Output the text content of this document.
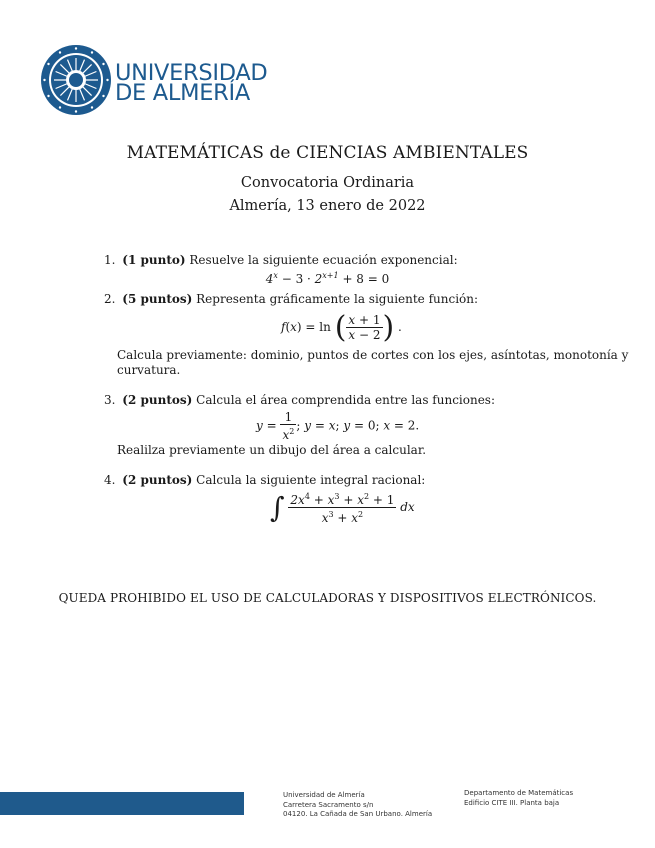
UNIVERSIDAD
DE ALMERÍA
MATEMÁTICAS de CIENCIAS AMBIENTALES
Convocatoria Ordinaria
Almería, 13 enero de 2022
1. (1 punto) Resuelve la siguiente ecuación exponencial:
$4^x - 3 \cdot 2^{x+1} + 8 = 0$
2. (5 puntos) Representa gráficamente la siguiente función:
f(x) = ln ( $\frac{x + 1}{x - 2}$ ) .
Calcula previamente: dominio, puntos de cortes con los ejes, asíntotas, monotonía y
curvatura.
3. (2 puntos) Calcula el área comprendida entre las funciones:
$y = \frac{1}{x^2}$ ; y = x; y = 0; x = 2.
Realilza previamente un dibujo del área a calcular.
4. (2 puntos) Calcula la siguiente integral racional:
∫ $\frac{2x^4 + x^3 + x^2 + 1}{x^3 + x^2}$ dx
QUEDA PROHIBIDO EL USO DE CALCULADORAS Y DISPOSITIVOS ELECTRÓNICOS.
Universidad de Almería
Carretera Sacramento s/n
04120. La Cañada de San Urbano. Almería
Departamento de Matemáticas
Edificio CITE III. Planta baja
